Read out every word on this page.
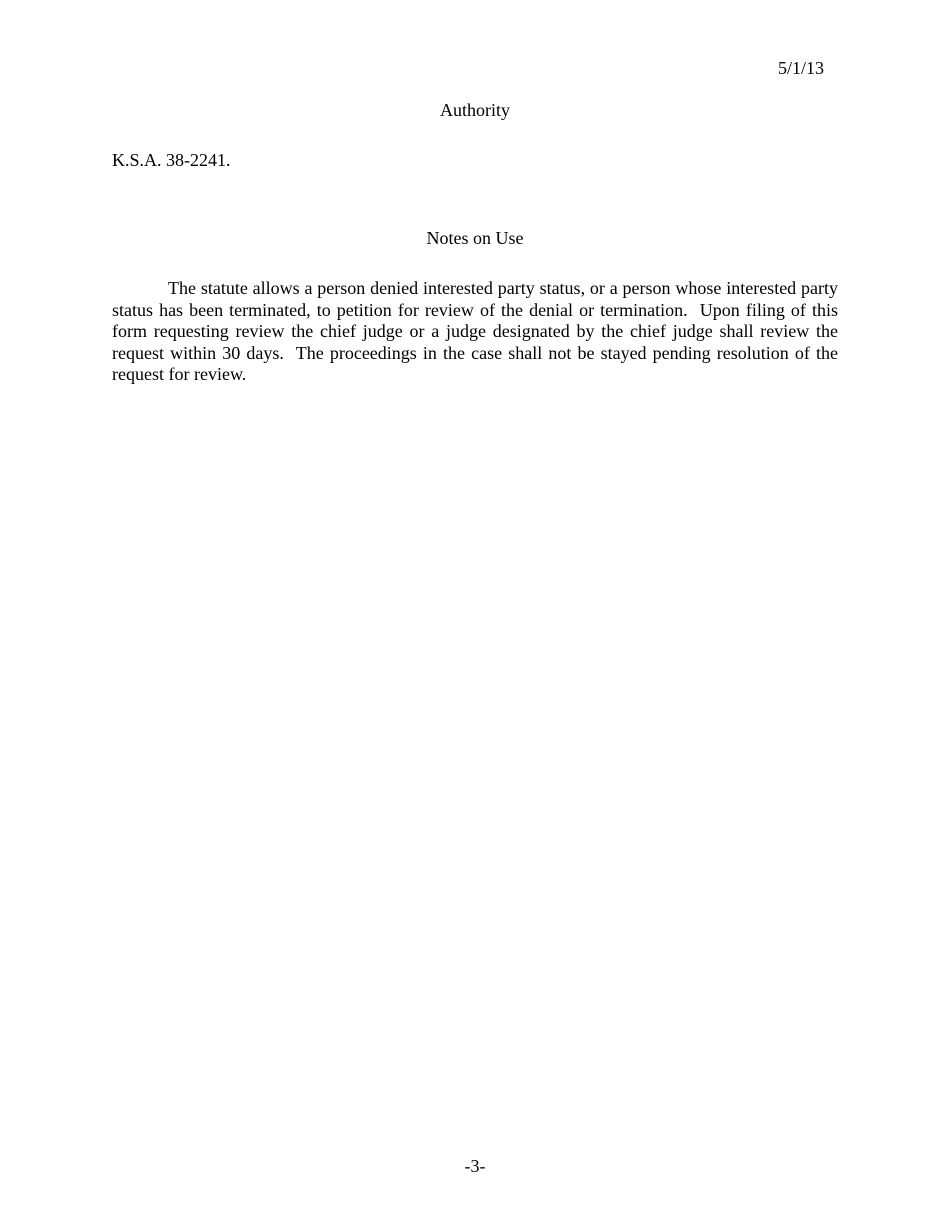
5/1/13
Authority
K.S.A. 38-2241.
Notes on Use

The statute allows a person denied interested party status, or a person whose interested party status has been terminated, to petition for review of the denial or termination.  Upon filing of this form requesting review the chief judge or a judge designated by the chief judge shall review the request within 30 days.  The proceedings in the case shall not be stayed pending resolution of the request for review.

-3-
